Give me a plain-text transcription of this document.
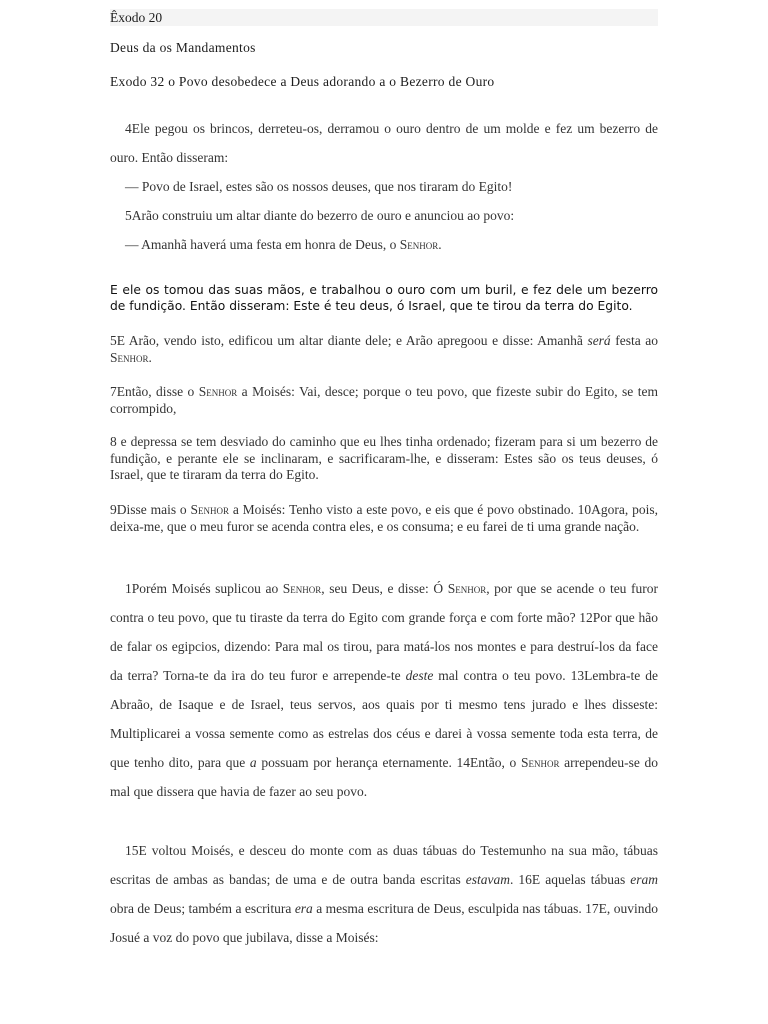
Êxodo 20
Deus da os Mandamentos
Exodo 32 o Povo desobedece a Deus adorando a o Bezerro de Ouro
4Ele pegou os brincos, derreteu-os, derramou o ouro dentro de um molde e fez um bezerro de ouro. Então disseram:
— Povo de Israel, estes são os nossos deuses, que nos tiraram do Egito!
5Arão construiu um altar diante do bezerro de ouro e anunciou ao povo:
— Amanhã haverá uma festa em honra de Deus, o Senhor.
E ele os tomou das suas mãos, e trabalhou o ouro com um buril, e fez dele um bezerro de fundição. Então disseram: Este é teu deus, ó Israel, que te tirou da terra do Egito.
5E Arão, vendo isto, edificou um altar diante dele; e Arão apregoou e disse: Amanhã será festa ao Senhor.
7Então, disse o Senhor a Moisés: Vai, desce; porque o teu povo, que fizeste subir do Egito, se tem corrompido,
8 e depressa se tem desviado do caminho que eu lhes tinha ordenado; fizeram para si um bezerro de fundição, e perante ele se inclinaram, e sacrificaram-lhe, e disseram: Estes são os teus deuses, ó Israel, que te tiraram da terra do Egito.
9Disse mais o Senhor a Moisés: Tenho visto a este povo, e eis que é povo obstinado. 10Agora, pois, deixa-me, que o meu furor se acenda contra eles, e os consuma; e eu farei de ti uma grande nação.
1Porém Moisés suplicou ao Senhor, seu Deus, e disse: Ó Senhor, por que se acende o teu furor contra o teu povo, que tu tiraste da terra do Egito com grande força e com forte mão? 12Por que hão de falar os egipcios, dizendo: Para mal os tirou, para matá-los nos montes e para destruí-los da face da terra? Torna-te da ira do teu furor e arrepende-te deste mal contra o teu povo. 13Lembra-te de Abraão, de Isaque e de Israel, teus servos, aos quais por ti mesmo tens jurado e lhes disseste: Multiplicarei a vossa semente como as estrelas dos céus e darei à vossa semente toda esta terra, de que tenho dito, para que a possuam por herança eternamente. 14Então, o Senhor arrependeu-se do mal que dissera que havia de fazer ao seu povo.
15E voltou Moisés, e desceu do monte com as duas tábuas do Testemunho na sua mão, tábuas escritas de ambas as bandas; de uma e de outra banda escritas estavam. 16E aquelas tábuas eram obra de Deus; também a escritura era a mesma escritura de Deus, esculpida nas tábuas. 17E, ouvindo Josué a voz do povo que jubilava, disse a Moisés:
